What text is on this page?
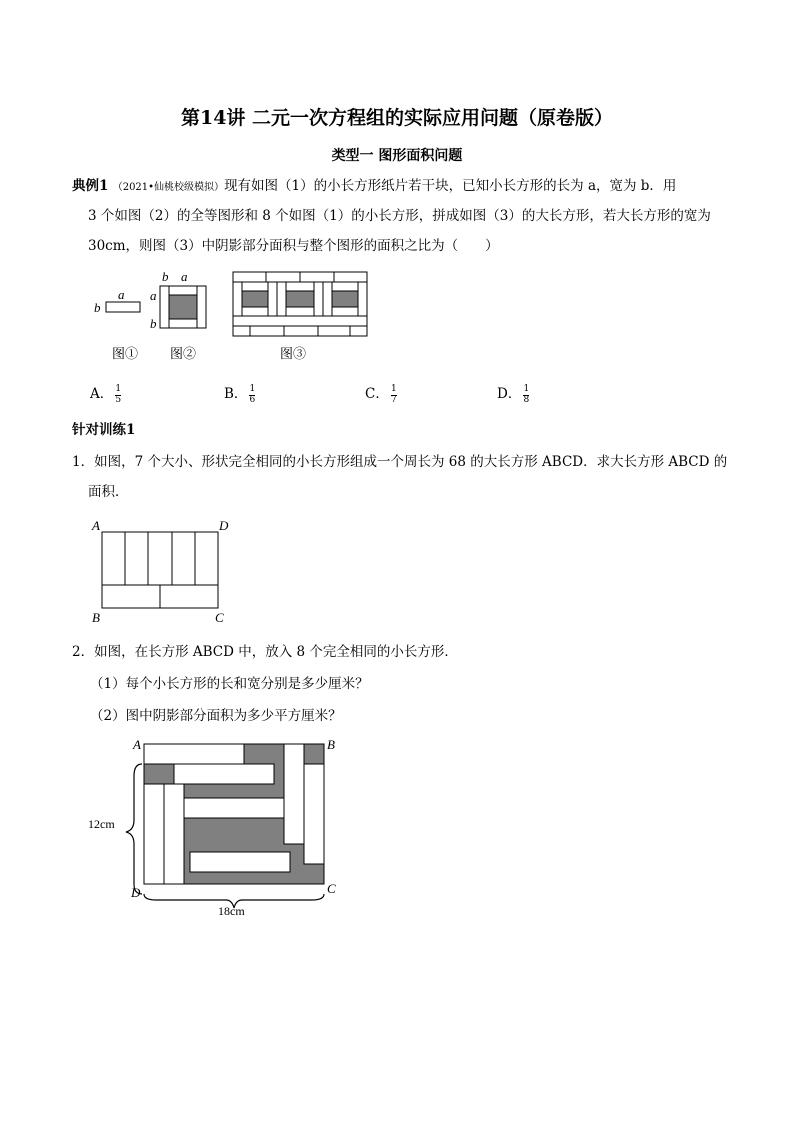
第14讲 二元一次方程组的实际应用问题（原卷版）
类型一 图形面积问题
典例1 （2021•仙桃校级模拟）现有如图（1）的小长方形纸片若干块，已知小长方形的长为 a，宽为 b．用
3 个如图（2）的全等图形和 8 个如图（1）的小长方形，拼成如图（3）的大长方形，若大长方形的宽为
30cm，则图（3）中阴影部分面积与整个图形的面积之比为（　　）
a
b
b a
a
b
图① 图②	图③
A． $\frac{1}{5}$	B． $\frac{1}{6}$	C． $\frac{1}{7}$	D． $\frac{1}{8}$
针对训练1
1．如图，7 个大小、形状完全相同的小长方形组成一个周长为 68 的大长方形 ABCD．求大长方形 ABCD 的
面积．
A	D
B	C
2．如图，在长方形 ABCD 中，放入 8 个完全相同的小长方形．
（1）每个小长方形的长和宽分别是多少厘米？
（2）图中阴影部分面积为多少平方厘米？
A	B
D	C
12cm
18cm
